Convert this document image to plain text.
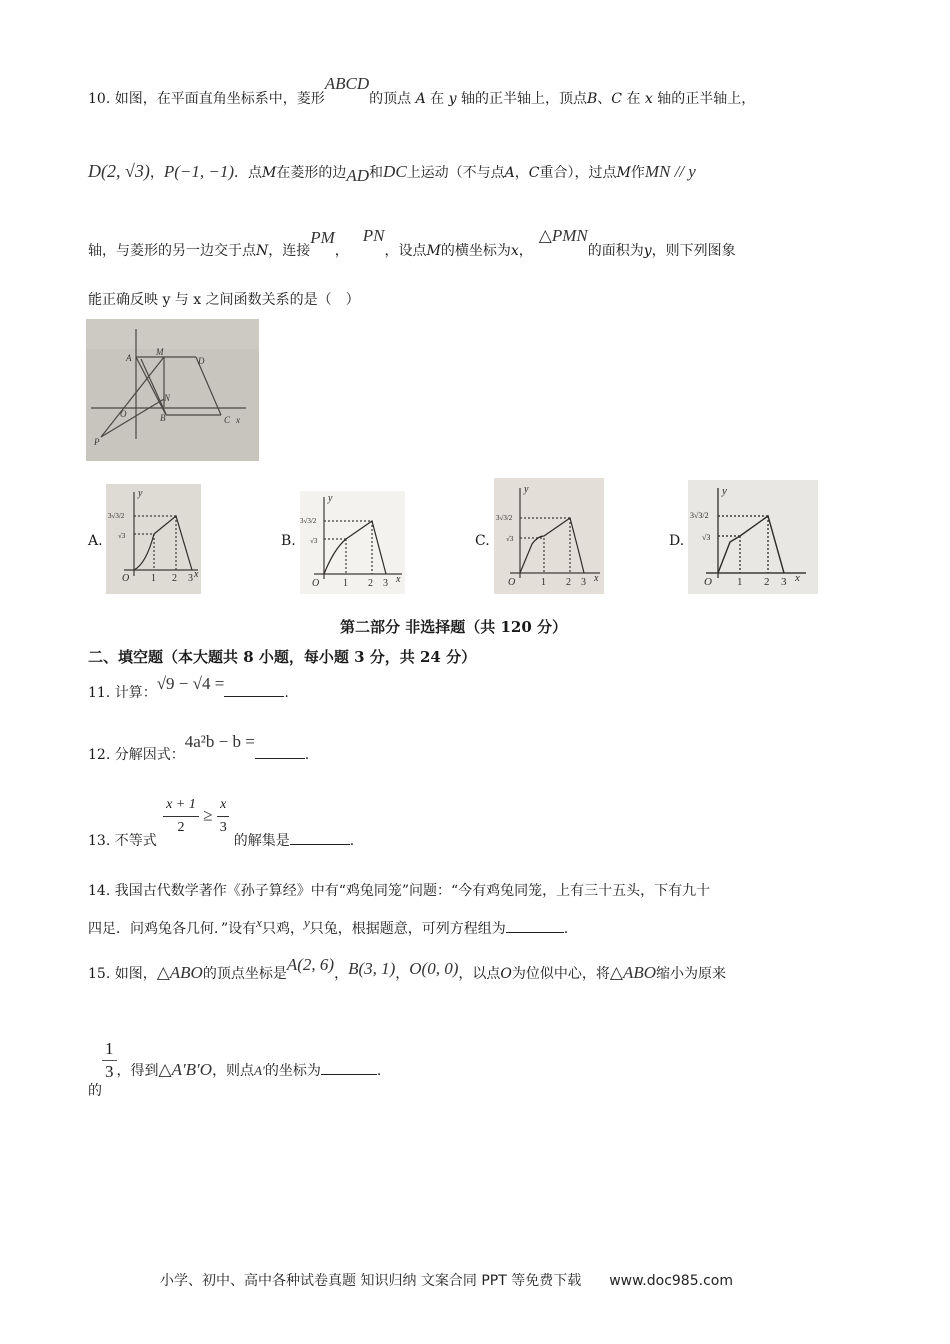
10. 如图，在平面直角坐标系中，菱形ABCD的顶点 A 在 y 轴的正半轴上，顶点B、C 在 x 轴的正半轴上，
D(2, √3)，P(−1, −1)．点M在菱形的边AD和DC上运动（不与点A，C重合），过点M作MN // y
轴，与菱形的另一边交于点N，连接PM，PN，设点M的横坐标为x，△PMN的面积为y，则下列图象
能正确反映 y 与 x 之间函数关系的是（　）
A
M
D
N
O	B	C x
P
A.
3√3/2
√3
y
O 1 2 3 x
B.
3√3/2
√3
y
O 1 2 3 x
C.
3√3/2
√3
y
O	1 2 3 x
D.
3√3/2
√3
y
O 1 2 3 x
第二部分 非选择题（共 120 分）
二、填空题（本大题共 8 小题，每小题 3 分，共 24 分）
11. 计算：√9 − √4 =	.
12. 分解因式：4a²b − b =.
13. 不等式
$\frac{x + 1}{2} \ge \frac{x}{3}$
的解集是	.
14. 我国古代数学著作《孙子算经》中有“鸡兔同笼”问题：“今有鸡兔同笼，上有三十五头，下有九十
四足．问鸡兔各几何．”设有x只鸡，y只兔，根据题意，可列方程组为	.
15. 如图，△ABO的顶点坐标是A(2, 6)，B(3, 1)，O(0, 0)，以点O为位似中心，将△ABO缩小为原来
的
$\frac{1}{3}$ ，得到△A′B′O，则点A′的坐标为	.
小学、初中、高中各种试卷真题 知识归纳 文案合同 PPT 等免费下载　　www.doc985.com
